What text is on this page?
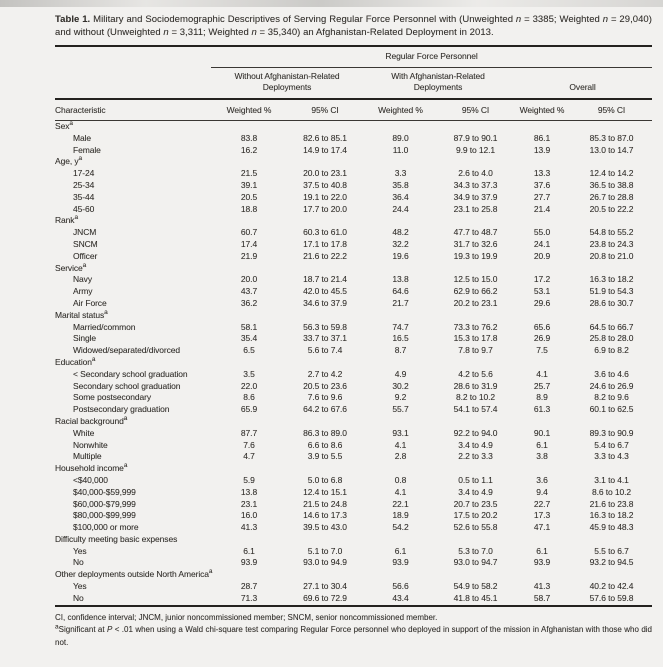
Table 1. Military and Sociodemographic Descriptives of Serving Regular Force Personnel with (Unweighted n = 3385; Weighted n = 29,040) and without (Unweighted n = 3,311; Weighted n = 35,340) an Afghanistan-Related Deployment in 2013.

	Regular Force Personnel					
	Without Afghanistan-Related Deployments		With Afghanistan-Related Deployments		Overall	
Characteristic	Weighted %	95% CI	Weighted %	95% CI	Weighted %	95% CI
Sex$^a$
Male	83.8	82.6 to 85.1	89.0	87.9 to 90.1	86.1	85.3 to 87.0
Female	16.2	14.9 to 17.4	11.0	9.9 to 12.1	13.9	13.0 to 14.7
Age, $y^a$
17-24	21.5	20.0 to 23.1	3.3	2.6 to 4.0	13.3	12.4 to 14.2
25-34	39.1	37.5 to 40.8	35.8	34.3 to 37.3	37.6	36.5 to 38.8
35-44	20.5	19.1 to 22.0	36.4	34.9 to 37.9	27.7	26.7 to 28.8
45-60	18.8	17.7 to 20.0	24.4	23.1 to 25.8	21.4	20.5 to 22.2
Rank$^a$
JNCM	60.7	60.3 to 61.0	48.2	47.7 to 48.7	55.0	54.8 to 55.2
SNCM	17.4	17.1 to 17.8	32.2	31.7 to 32.6	24.1	23.8 to 24.3
Officer	21.9	21.6 to 22.2	19.6	19.3 to 19.9	20.9	20.8 to 21.0
Service$^a$
Navy	20.0	18.7 to 21.4	13.8	12.5 to 15.0	17.2	16.3 to 18.2
Army	43.7	42.0 to 45.5	64.6	62.9 to 66.2	53.1	51.9 to 54.3
Air Force	36.2	34.6 to 37.9	21.7	20.2 to 23.1	29.6	28.6 to 30.7
Marital status$^a$
Married/common	58.1	56.3 to 59.8	74.7	73.3 to 76.2	65.6	64.5 to 66.7
Single	35.4	33.7 to 37.1	16.5	15.3 to 17.8	26.9	25.8 to 28.0
Widowed/separated/divorced	6.5	5.6 to 7.4	8.7	7.8 to 9.7	7.5	6.9 to 8.2
Education$^a$
< Secondary school graduation	3.5	2.7 to 4.2	4.9	4.2 to 5.6	4.1	3.6 to 4.6
Secondary school graduation	22.0	20.5 to 23.6	30.2	28.6 to 31.9	25.7	24.6 to 26.9
Some postsecondary	8.6	7.6 to 9.6	9.2	8.2 to 10.2	8.9	8.2 to 9.6
Postsecondary graduation	65.9	64.2 to 67.6	55.7	54.1 to 57.4	61.3	60.1 to 62.5
Racial background$^a$
White	87.7	86.3 to 89.0	93.1	92.2 to 94.0	90.1	89.3 to 90.9
Nonwhite	7.6	6.6 to 8.6	4.1	3.4 to 4.9	6.1	5.4 to 6.7
Multiple	4.7	3.9 to 5.5	2.8	2.2 to 3.3	3.8	3.3 to 4.3
Household income$^a$
<$40,000	5.9	5.0 to 6.8	0.8	0.5 to 1.1	3.6	3.1 to 4.1
$40,000-$59,999	13.8	12.4 to 15.1	4.1	3.4 to 4.9	9.4	8.6 to 10.2
$60,000-$79,999	23.1	21.5 to 24.8	22.1	20.7 to 23.5	22.7	21.6 to 23.8
$80,000-$99,999	16.0	14.6 to 17.3	18.9	17.5 to 20.2	17.3	16.3 to 18.2
$100,000 or more	41.3	39.5 to 43.0	54.2	52.6 to 55.8	47.1	45.9 to 48.3
Difficulty meeting basic expenses						
Yes	6.1	5.1 to 7.0	6.1	5.3 to 7.0	6.1	5.5 to 6.7
No	93.9	93.0 to 94.9	93.9	93.0 to 94.7	93.9	93.2 to 94.5
Other deployments outside North America$^a$
Yes	28.7	27.1 to 30.4	56.6	54.9 to 58.2	41.3	40.2 to 42.4
No	71.3	69.6 to 72.9	43.4	41.8 to 45.1	58.7	57.6 to 59.8

CI, confidence interval; JNCM, junior noncommissioned member; SNCM, senior noncommissioned member.

$^a$Significant at P < .01 when using a Wald chi-square test comparing Regular Force personnel who deployed in support of the mission in Afghanistan with those who did not.
